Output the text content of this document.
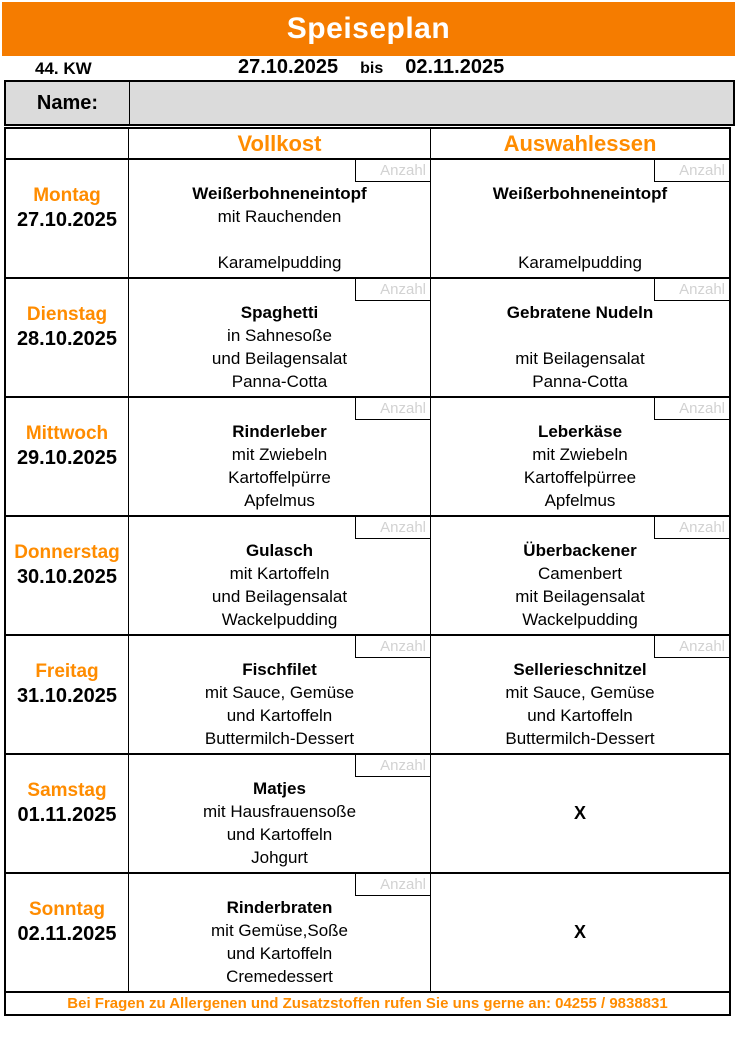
Speiseplan
44. KW	27.10.2025 bis 02.11.2025
Name:
Vollkost	Auswahlessen
Montag
27.10.2025
Anzahl
Weißerbohneneintopf
mit Rauchenden

Karamelpudding
Anzahl
Weißerbohneneintopf

Karamelpudding
Dienstag
28.10.2025
Anzahl
Spaghetti
in Sahnesoße
und Beilagensalat
Panna-Cotta
Anzahl
Gebratene Nudeln

mit Beilagensalat
Panna-Cotta
Mittwoch
29.10.2025
Anzahl
Rinderleber
mit Zwiebeln
Kartoffelpürre
Apfelmus
Anzahl
Leberkäse
mit Zwiebeln
Kartoffelpürree
Apfelmus
Donnerstag
30.10.2025
Anzahl
Gulasch
mit Kartoffeln
und Beilagensalat
Wackelpudding
Anzahl
Überbackener
Camenbert
mit Beilagensalat
Wackelpudding
Freitag
31.10.2025
Anzahl
Fischfilet
mit Sauce, Gemüse
und Kartoffeln
Buttermilch-Dessert
Anzahl
Sellerieschnitzel
mit Sauce, Gemüse
und Kartoffeln
Buttermilch-Dessert
Samstag
01.11.2025
Anzahl
Matjes
mit Hausfrauensoße
und Kartoffeln
Johgurt
X
Sonntag
02.11.2025
Anzahl
Rinderbraten
mit Gemüse,Soße
und Kartoffeln
Cremedessert
X
Bei Fragen zu Allergenen und Zusatzstoffen rufen Sie uns gerne an: 04255 / 9838831
